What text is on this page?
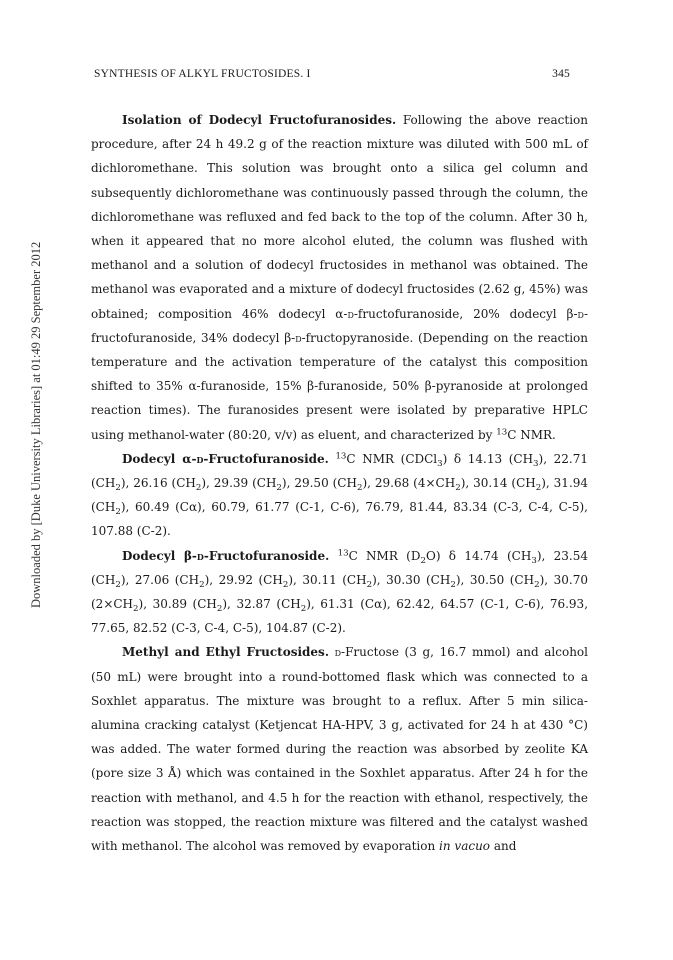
SYNTHESIS OF ALKYL FRUCTOSIDES. I	345
Downloaded by [Duke University Libraries] at 01:49 29 September 2012

Isolation of Dodecyl Fructofuranosides. Following the above reaction procedure, after 24 h 49.2 g of the reaction mixture was diluted with 500 mL of dichloromethane. This solution was brought onto a silica gel column and subsequently dichloromethane was continuously passed through the column, the dichloromethane was refluxed and fed back to the top of the column. After 30 h, when it appeared that no more alcohol eluted, the column was flushed with methanol and a solution of dodecyl fructosides in methanol was obtained. The methanol was evaporated and a mixture of dodecyl fructosides (2.62 g, 45%) was obtained; composition 46% dodecyl α-d-fructofuranoside, 20% dodecyl β-d-fructofuranoside, 34% dodecyl β-d-fructopyranoside. (Depending on the reaction temperature and the activation temperature of the catalyst this composition shifted to 35% α-furanoside, 15% β-furanoside, 50% β-pyranoside at prolonged reaction times). The furanosides present were isolated by preparative HPLC using methanol-water (80:20, v/v) as eluent, and characterized by $^{13}$C NMR.

Dodecyl α-d-Fructofuranoside. $^{13}$C NMR (CDCl$_3$) δ 14.13 $(CH_3)$, 22.71 $(CH_2)$, 26.16 $(CH_2)$, 29.39 $(CH_2)$, 29.50 $(CH_2)$, 29.68 $(4\times CH_2)$, 30.14 $(CH_2)$, 31.94 $(CH_2)$, 60.49 (Cα), 60.79, 61.77 (C-1, C-6), 76.79, 81.44, 83.34 (C-3, C-4, C-5), 107.88 (C-2).

Dodecyl β-d-Fructofuranoside. $^{13}$C NMR $(D_2O)$ δ 14.74 $(CH_3)$, 23.54 $(CH_2)$, 27.06 $(CH_2)$, 29.92 $(CH_2)$, 30.11 $(CH_2)$, 30.30 $(CH_2)$, 30.50 $(CH_2)$, 30.70 $(2\times CH_2)$, 30.89 $(CH_2)$, 32.87 $(CH_2)$, 61.31 (Cα), 62.42, 64.57 (C-1, C-6), 76.93, 77.65, 82.52 (C-3, C-4, C-5), 104.87 (C-2).

Methyl and Ethyl Fructosides. d-Fructose (3 g, 16.7 mmol) and alcohol (50 mL) were brought into a round-bottomed flask which was connected to a Soxhlet apparatus. The mixture was brought to a reflux. After 5 min silica-alumina cracking catalyst (Ketjencat HA-HPV, 3 g, activated for 24 h at 430 °C) was added. The water formed during the reaction was absorbed by zeolite KA (pore size 3 Å) which was contained in the Soxhlet apparatus. After 24 h for the reaction with methanol, and 4.5 h for the reaction with ethanol, respectively, the reaction was stopped, the reaction mixture was filtered and the catalyst washed with methanol. The alcohol was removed by evaporation in vacuo and
